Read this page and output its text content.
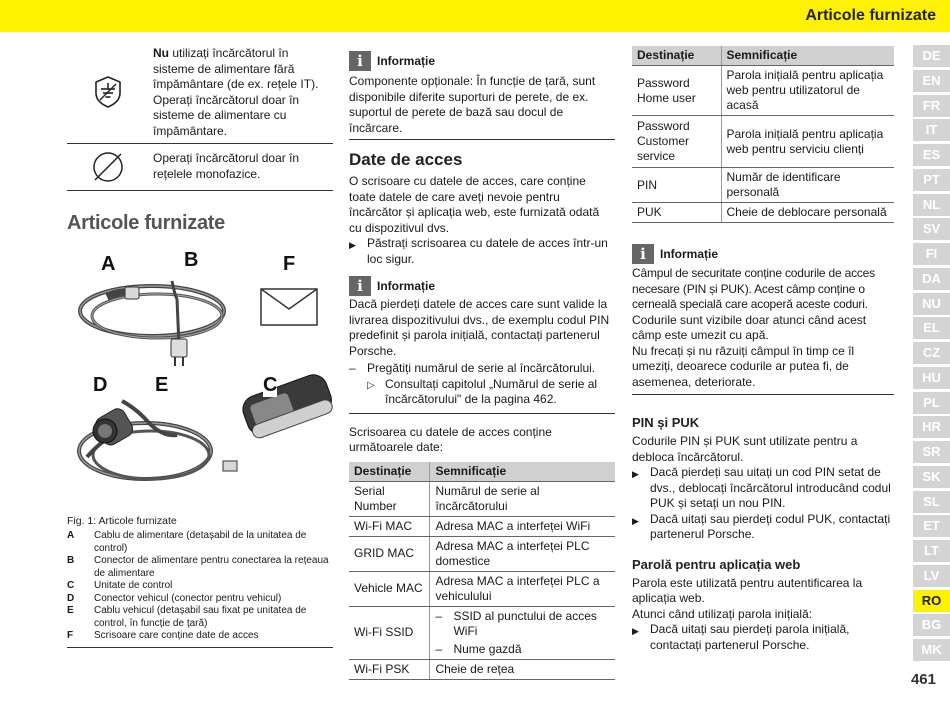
Articole furnizate
	Nu utilizați încărcătorul în sisteme de alimentare fără împământare (de ex. rețele IT). Operați încărcătorul doar în sisteme de alimentare cu împământare.
	Operați încărcătorul doar în rețelele monofazice.
Articole furnizate
A	B	F
D E	C
Fig. 1: Articole furnizate
A	Cablu de alimentare (detașabil de la unitatea de control)
B	Conector de alimentare pentru conectarea la rețeaua de alimentare
C	Unitate de control
D	Conector vehicul (conector pentru vehicul)
E	Cablu vehicul (detașabil sau fixat pe unitatea de control, în funcție de țară)
F	Scrisoare care conține date de acces
i	Informație
Componente opționale: În funcție de țară, sunt disponibile diferite suporturi de perete, de ex. suportul de perete de bază sau docul de încărcare.
Date de acces
O scrisoare cu datele de acces, care conține toate datele de care aveți nevoie pentru încărcător și aplicația web, este furnizată odată cu dispozitivul dvs.
▶ Păstrați scrisoarea cu datele de acces într-un loc sigur.
i	Informație
Dacă pierdeți datele de acces care sunt valide la livrarea dispozitivului dvs., de exemplu codul PIN predefinit și parola inițială, contactați partenerul Porsche.
– Pregătiți numărul de serie al încărcătorului.
▷ Consultați capitolul „Numărul de serie al încărcătorului" de la pagina 462.
Scrisoarea cu datele de acces conține următoarele date:
Destinație	Semnificație
Serial Number	Numărul de serie al încărcătorului
Wi-Fi MAC	Adresa MAC a interfeței WiFi
GRID MAC	Adresa MAC a interfeței PLC domestice
Vehicle MAC	Adresa MAC a interfeței PLC a vehiculului
Wi-Fi SSID	– SSID al punctului de acces WiFi
– Nume gazdă

Wi-Fi PSK	Cheie de rețea
Destinație	Semnificație
Password Home user	Parola inițială pentru aplicația web pentru utilizatorul de acasă
Password Customer service	Parola inițială pentru aplicația web pentru serviciu clienți
PIN	Număr de identificare personală
PUK	Cheie de deblocare personală
i	Informație
Câmpul de securitate conține codurile de acces necesare (PIN și PUK). Acest câmp conține o cerneală specială care acoperă aceste coduri.
Codurile sunt vizibile doar atunci când acest câmp este umezit cu apă.
Nu frecați și nu răzuiți câmpul în timp ce îl umeziți, deoarece codurile ar putea fi, de asemenea, deteriorate.
PIN și PUK
Codurile PIN și PUK sunt utilizate pentru a debloca încărcătorul.
▶ Dacă pierdeți sau uitați un cod PIN setat de dvs., deblocați încărcătorul introducând codul PUK și setați un nou PIN.
▶ Dacă uitați sau pierdeți codul PUK, contactați partenerul Porsche.
Parolă pentru aplicația web
Parola este utilizată pentru autentificarea la aplicația web.
Atunci când utilizați parola inițială:
▶ Dacă uitați sau pierdeți parola inițială, contactați partenerul Porsche.
DE
EN
FR
IT
ES
PT
NL
SV
FI
DA
NU
EL
CZ
HU
PL
HR
SR
SK
SL
ET
LT
LV
RO
BG
MK
461
